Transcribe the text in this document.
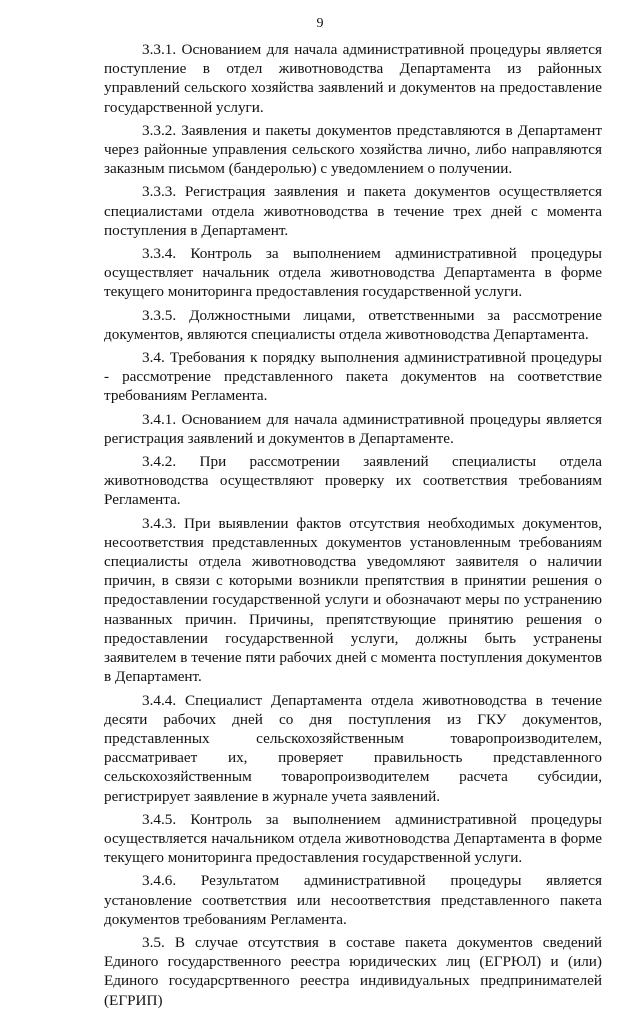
9

3.3.1. Основанием для начала административной процедуры является поступление в отдел животноводства Департамента из районных управлений сельского хозяйства заявлений и документов на предоставление государственной услуги.

3.3.2. Заявления и пакеты документов представляются в Департамент через районные управления сельского хозяйства лично, либо направляются заказным письмом (бандеролью) с уведомлением о получении.

3.3.3. Регистрация заявления и пакета документов осуществляется специалистами отдела животноводства в течение трех дней с момента поступления в Департамент.

3.3.4. Контроль за выполнением административной процедуры осуществляет начальник отдела животноводства Департамента в форме текущего мониторинга предоставления государственной услуги.

3.3.5. Должностными лицами, ответственными за рассмотрение документов, являются специалисты отдела животноводства Департамента.

3.4. Требования к порядку выполнения административной процедуры - рассмотрение представленного пакета документов на соответствие требованиям Регламента.

3.4.1. Основанием для начала административной процедуры является регистрация заявлений и документов в Департаменте.

3.4.2. При рассмотрении заявлений специалисты отдела животноводства осуществляют проверку их соответствия требованиям Регламента.

3.4.3. При выявлении фактов отсутствия необходимых документов, несоответствия представленных документов установленным требованиям специалисты отдела животноводства уведомляют заявителя о наличии причин, в связи с которыми возникли препятствия в принятии решения о предоставлении государственной услуги и обозначают меры по устранению названных причин. Причины, препятствующие принятию решения о предоставлении государственной услуги, должны быть устранены заявителем в течение пяти рабочих дней с момента поступления документов в Департамент.

3.4.4. Специалист Департамента отдела животноводства в течение десяти рабочих дней со дня поступления из ГКУ документов, представленных сельскохозяйственным товаропроизводителем, рассматривает их, проверяет правильность представленного сельскохозяйственным товаропроизводителем расчета субсидии, регистрирует заявление в журнале учета заявлений.

3.4.5. Контроль за выполнением административной процедуры осуществляется начальником отдела животноводства Департамента в форме текущего мониторинга предоставления государственной услуги.

3.4.6. Результатом административной процедуры является установление соответствия или несоответствия представленного пакета документов требованиям Регламента.

3.5. В случае отсутствия в составе пакета документов сведений Единого государственного реестра юридических лиц (ЕГРЮЛ) и (или) Единого государсртвенного реестра индивидуальных предпринимателей (ЕГРИП)
